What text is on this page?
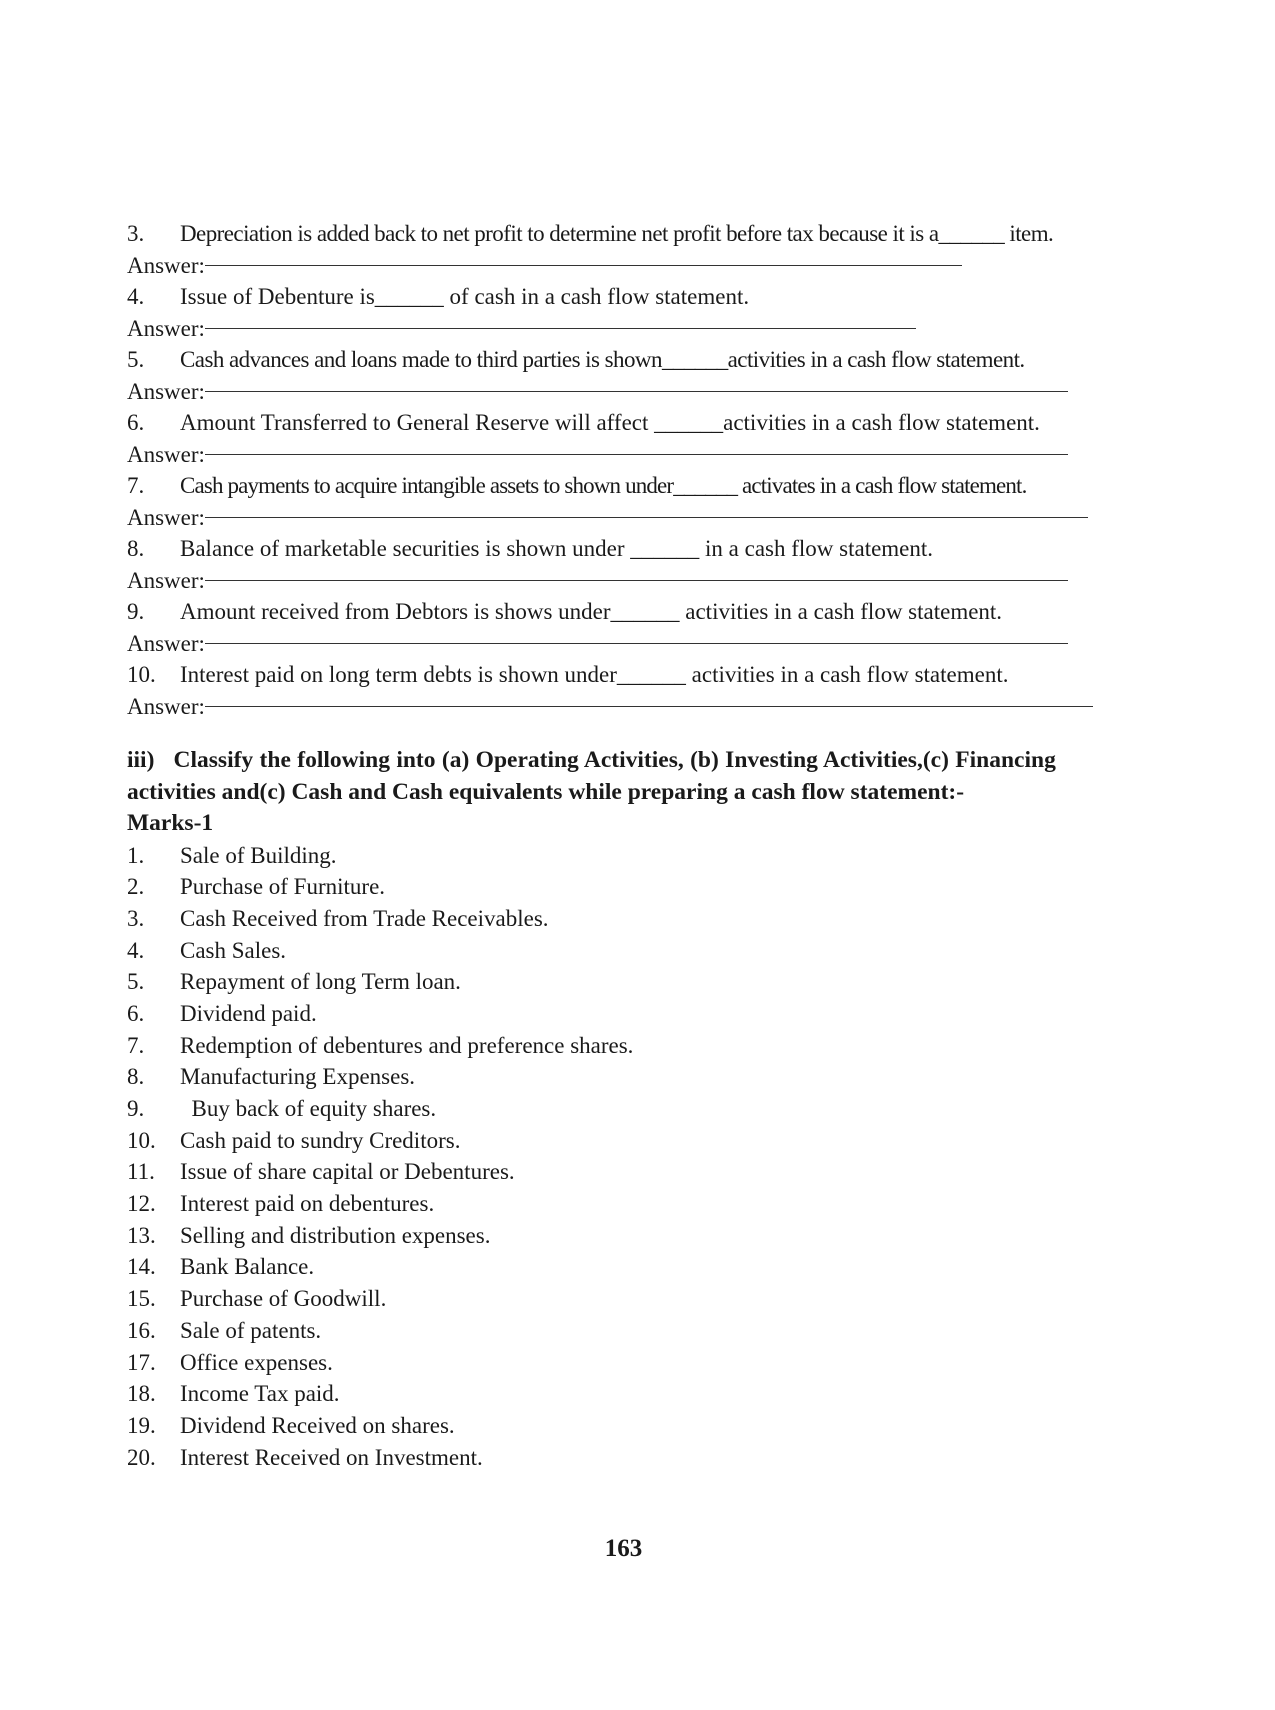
3.	Depreciation is added back to net profit to determine net profit before tax because it is a______ item.
Answer:
4.	Issue of Debenture is______ of cash in a cash flow statement.
Answer:
5.	Cash advances and loans made to third parties is shown______activities in a cash flow statement.
Answer:
6.	Amount Transferred to General Reserve will affect ______activities in a cash flow statement.
Answer:
7.	Cash payments to acquire intangible assets to shown under______ activates in a cash flow statement.
Answer:
8.	Balance of marketable securities is shown under ______ in a cash flow statement.
Answer:
9.	Amount received from Debtors is shows under______ activities in a cash flow statement.
Answer:
10.	Interest paid on long term debts is shown under______ activities in a cash flow statement.
Answer:
iii)   Classify the following into (a) Operating Activities, (b) Investing Activities,(c) Financing
activities and(c) Cash and Cash equivalents while preparing a cash flow statement:-
Marks-1
1.	Sale of Building.
2.	Purchase of Furniture.
3.	Cash Received from Trade Receivables.
4.	Cash Sales.
5.	Repayment of long Term loan.
6.	Dividend paid.
7.	Redemption of debentures and preference shares.
8.	Manufacturing Expenses.
9.	Buy back of equity shares.
10.	Cash paid to sundry Creditors.
11.	Issue of share capital or Debentures.
12.	Interest paid on debentures.
13.	Selling and distribution expenses.
14.	Bank Balance.
15.	Purchase of Goodwill.
16.	Sale of patents.
17.	Office expenses.
18.	Income Tax paid.
19.	Dividend Received on shares.
20.	Interest Received on Investment.
163
